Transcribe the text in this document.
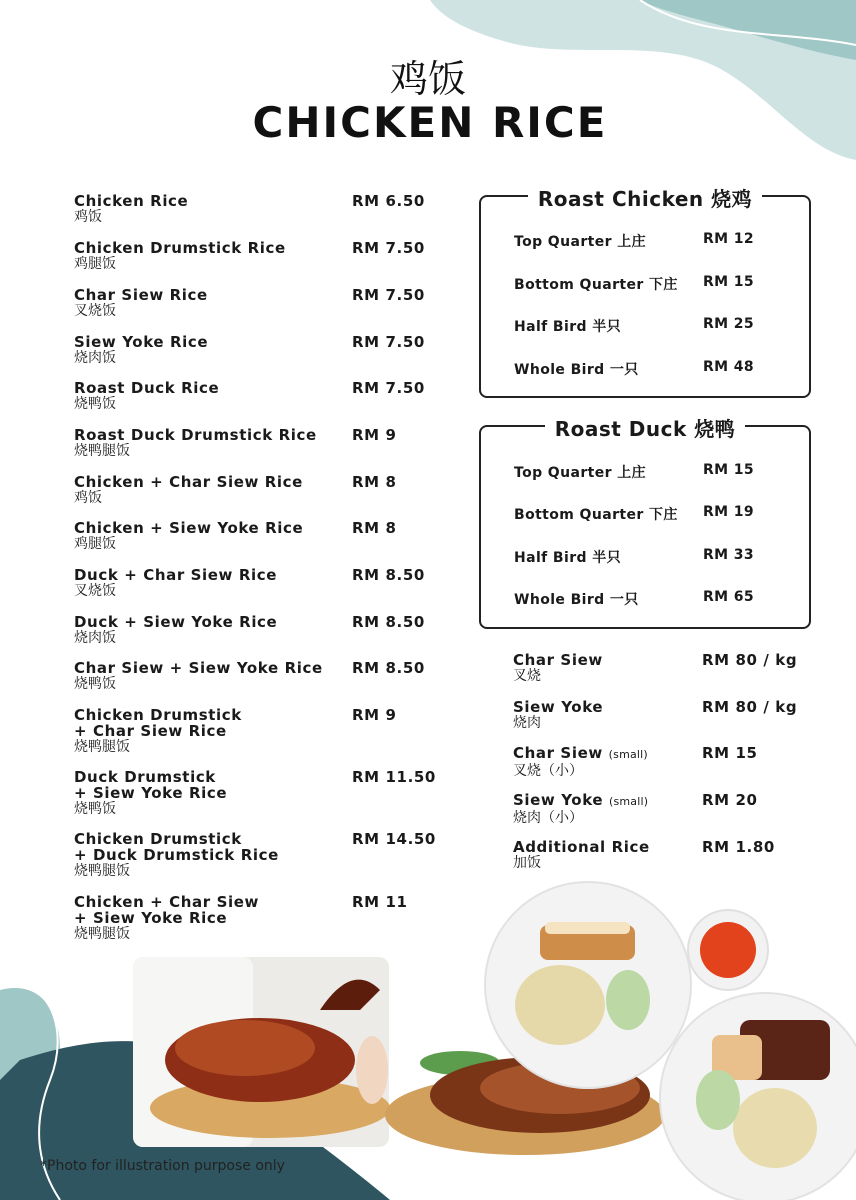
鸡饭
CHICKEN RICE
Chicken Rice
鸡饭
RM 6.50
Chicken Drumstick Rice
鸡腿饭
RM 7.50
Char Siew Rice
叉烧饭
RM 7.50
Siew Yoke Rice
烧肉饭
RM 7.50
Roast Duck Rice
烧鸭饭
RM 7.50
Roast Duck Drumstick Rice
烧鸭腿饭
RM 9
Chicken + Char Siew Rice
鸡饭
RM 8
Chicken + Siew Yoke Rice
鸡腿饭
RM 8
Duck + Char Siew Rice
叉烧饭
RM 8.50
Duck + Siew Yoke Rice
烧肉饭
RM 8.50
Char Siew + Siew Yoke Rice
烧鸭饭
RM 8.50
Chicken Drumstick
+ Char Siew Rice
烧鸭腿饭
RM 9
Duck Drumstick
+ Siew Yoke Rice
烧鸭饭
RM 11.50
Chicken Drumstick
+ Duck Drumstick Rice
烧鸭腿饭
RM 14.50
Chicken + Char Siew
+ Siew Yoke Rice
烧鸭腿饭
RM 11
Roast Chicken 烧鸡
Top Quarter 上庄	RM 12
Bottom Quarter 下庄 RM 15
Half Bird 半只	RM 25
Whole Bird 一只	RM 48
Roast Duck 烧鸭
Top Quarter 上庄	RM 15
Bottom Quarter 下庄 RM 19
Half Bird 半只	RM 33
Whole Bird 一只	RM 65
Char Siew
叉烧
RM 80 / kg
Siew Yoke
烧肉
RM 80 / kg
Char Siew (small)
叉烧（小）
RM 15
Siew Yoke (small)
烧肉（小）
RM 20
Additional Rice
加饭
RM 1.80
*Photo for illustration purpose only
